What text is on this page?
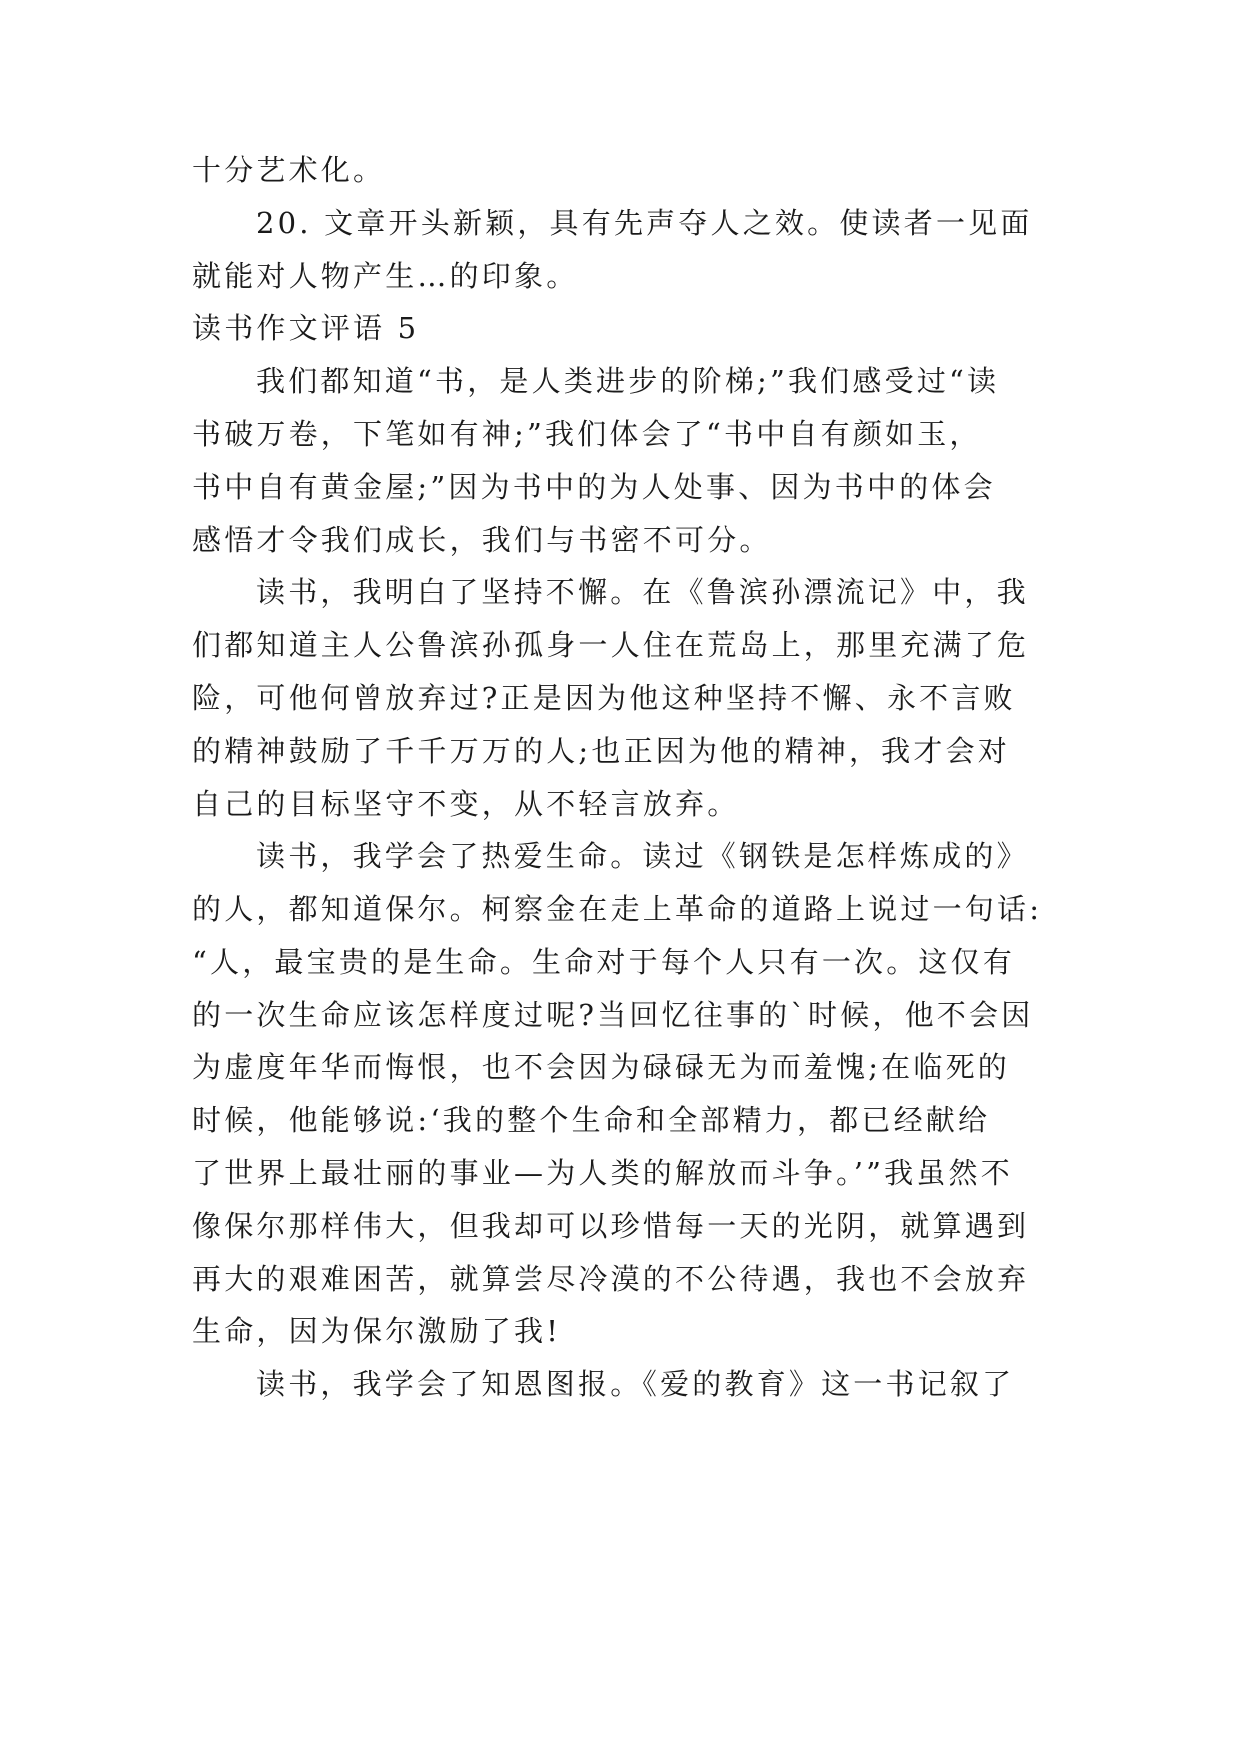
十分艺术化。
20. 文章开头新颖，具有先声夺人之效。使读者一见面
就能对人物产生…的印象。
读书作文评语 5
我们都知道“书，是人类进步的阶梯;”我们感受过“读
书破万卷，下笔如有神;”我们体会了“书中自有颜如玉，
书中自有黄金屋;”因为书中的为人处事、因为书中的体会
感悟才令我们成长，我们与书密不可分。
读书，我明白了坚持不懈。在《鲁滨孙漂流记》中，我
们都知道主人公鲁滨孙孤身一人住在荒岛上，那里充满了危
险，可他何曾放弃过?正是因为他这种坚持不懈、永不言败
的精神鼓励了千千万万的人;也正因为他的精神，我才会对
自己的目标坚守不变，从不轻言放弃。
读书，我学会了热爱生命。读过《钢铁是怎样炼成的》
的人，都知道保尔。柯察金在走上革命的道路上说过一句话:
“人，最宝贵的是生命。生命对于每个人只有一次。这仅有
的一次生命应该怎样度过呢?当回忆往事的`时候，他不会因
为虚度年华而悔恨，也不会因为碌碌无为而羞愧;在临死的
时候，他能够说:‘我的整个生命和全部精力，都已经献给
了世界上最壮丽的事业—为人类的解放而斗争。’”我虽然不
像保尔那样伟大，但我却可以珍惜每一天的光阴，就算遇到
再大的艰难困苦，就算尝尽冷漠的不公待遇，我也不会放弃
生命，因为保尔激励了我!
读书，我学会了知恩图报。《爱的教育》这一书记叙了
